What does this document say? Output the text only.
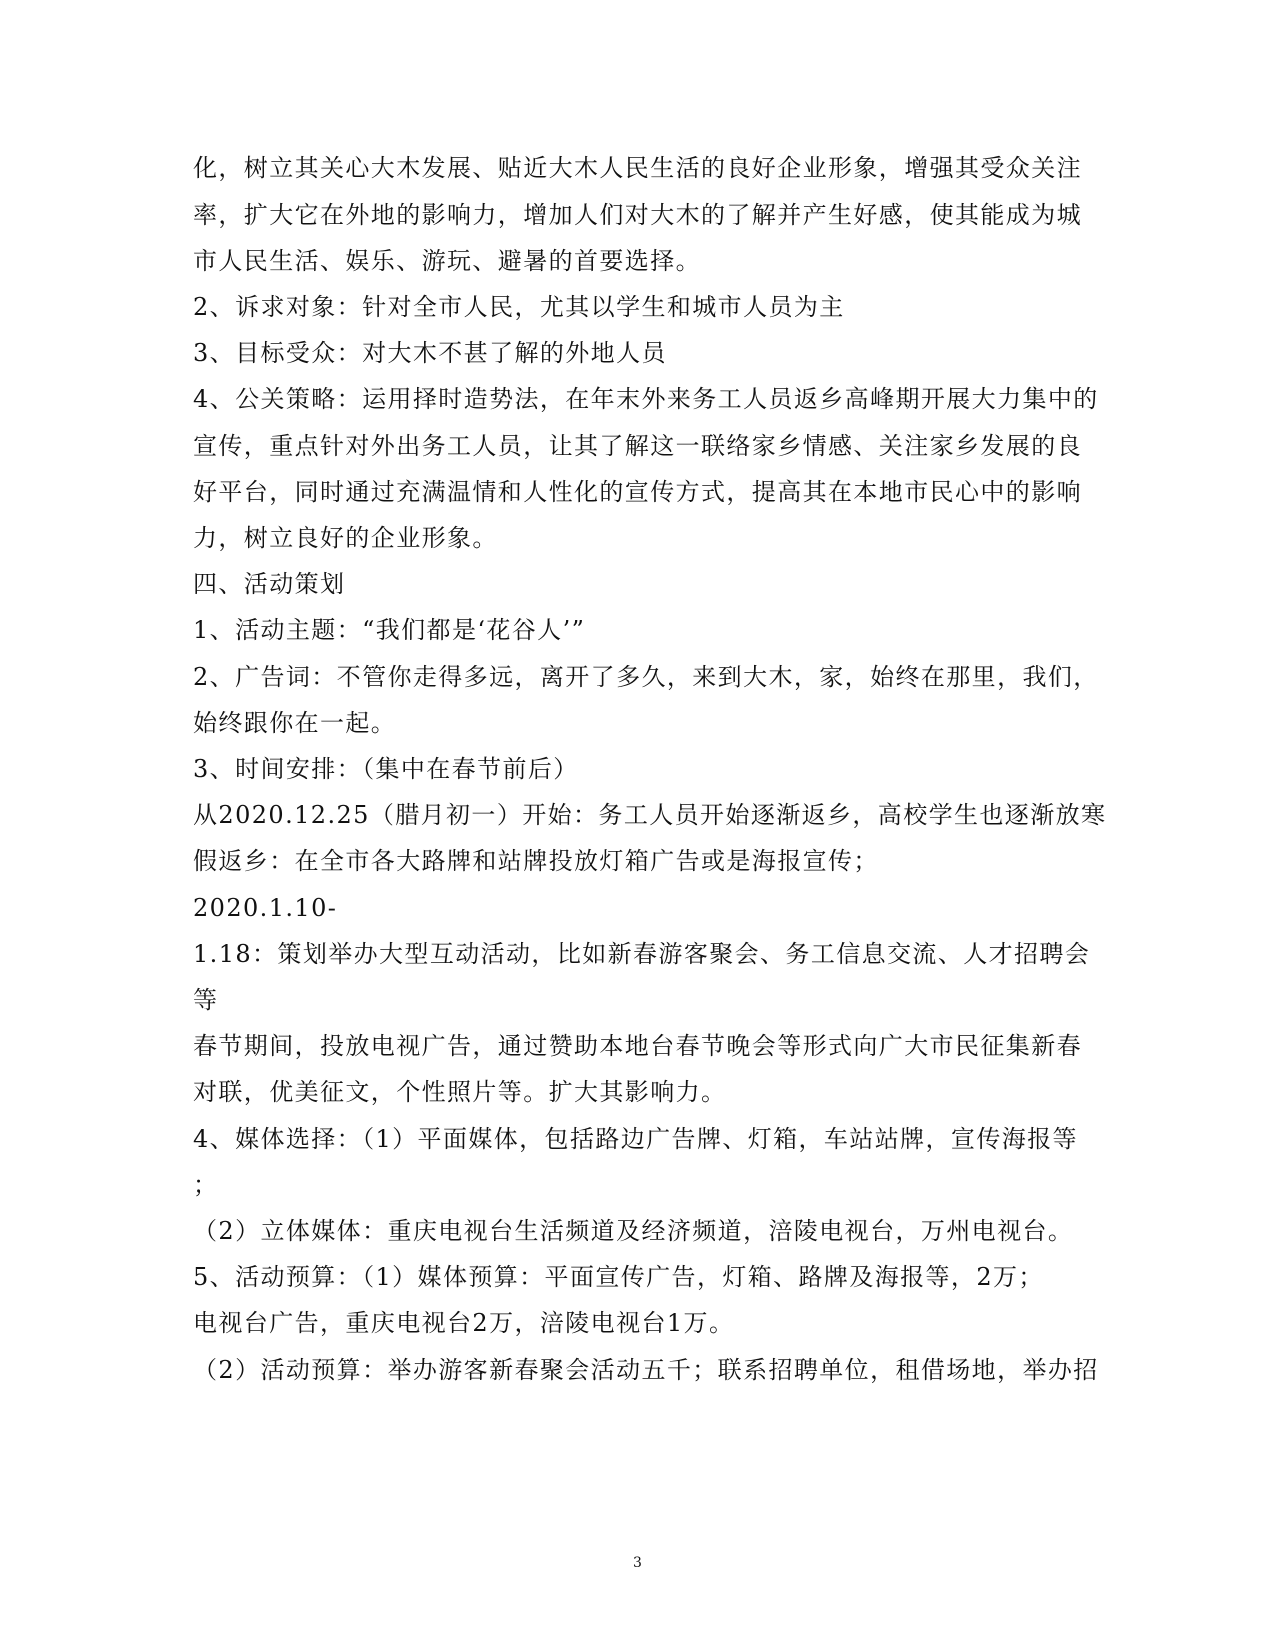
化，树立其关心大木发展、贴近大木人民生活的良好企业形象，增强其受众关注
率，扩大它在外地的影响力，增加人们对大木的了解并产生好感，使其能成为城
市人民生活、娱乐、游玩、避暑的首要选择。
2、诉求对象：针对全市人民，尤其以学生和城市人员为主
3、目标受众：对大木不甚了解的外地人员
4、公关策略：运用择时造势法，在年末外来务工人员返乡高峰期开展大力集中的
宣传，重点针对外出务工人员，让其了解这一联络家乡情感、关注家乡发展的良
好平台，同时通过充满温情和人性化的宣传方式，提高其在本地市民心中的影响
力，树立良好的企业形象。
四、活动策划
1、活动主题：“我们都是‘花谷人’”
2、广告词：不管你走得多远，离开了多久，来到大木，家，始终在那里，我们，
始终跟你在一起。
3、时间安排：（集中在春节前后）
从2020.12.25（腊月初一）开始：务工人员开始逐渐返乡，高校学生也逐渐放寒
假返乡：在全市各大路牌和站牌投放灯箱广告或是海报宣传；
2020.1.10-
1.18：策划举办大型互动活动，比如新春游客聚会、务工信息交流、人才招聘会
等
春节期间，投放电视广告，通过赞助本地台春节晚会等形式向广大市民征集新春
对联，优美征文，个性照片等。扩大其影响力。
4、媒体选择：（1）平面媒体，包括路边广告牌、灯箱，车站站牌，宣传海报等
；
（2）立体媒体：重庆电视台生活频道及经济频道，涪陵电视台，万州电视台。
5、活动预算：（1）媒体预算：平面宣传广告，灯箱、路牌及海报等，2万；
电视台广告，重庆电视台2万，涪陵电视台1万。
（2）活动预算：举办游客新春聚会活动五千；联系招聘单位，租借场地，举办招
3
